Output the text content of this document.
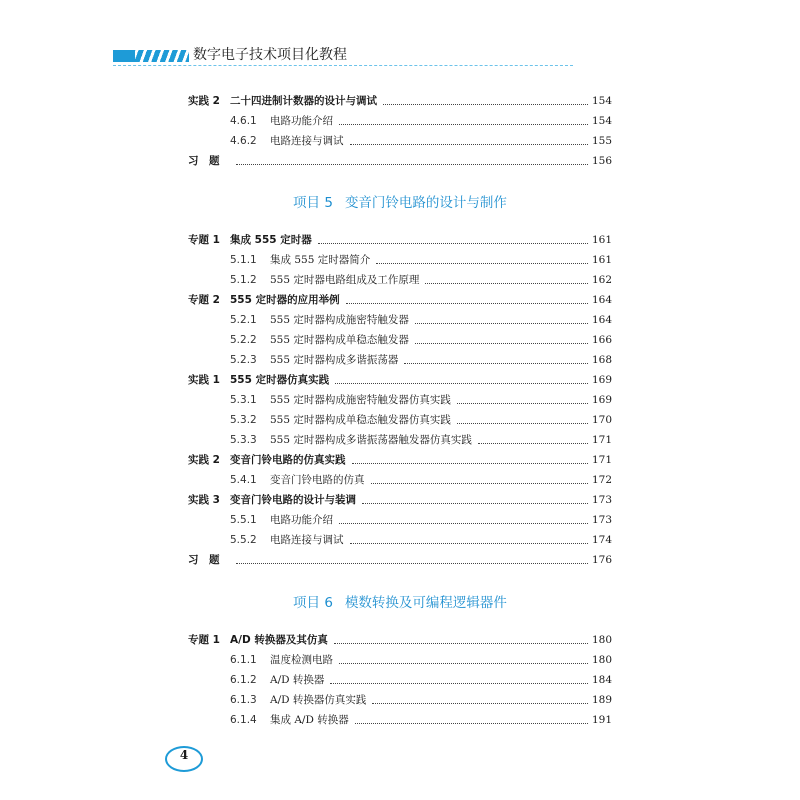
数字电子技术项目化教程
实践 2 二十四进制计数器的设计与调试	154
4.6.1	电路功能介绍	154
4.6.2	电路连接与调试	155
习　题	156
项目 5 变音门铃电路的设计与制作
专题 1 集成 555 定时器	161
5.1.1	集成 555 定时器简介	161
5.1.2	555 定时器电路组成及工作原理	162
专题 2 555 定时器的应用举例	164
5.2.1	555 定时器构成施密特触发器	164
5.2.2	555 定时器构成单稳态触发器	166
5.2.3	555 定时器构成多谐振荡器	168
实践 1 555 定时器仿真实践	169
5.3.1	555 定时器构成施密特触发器仿真实践	169
5.3.2	555 定时器构成单稳态触发器仿真实践	170
5.3.3	555 定时器构成多谐振荡器触发器仿真实践	171
实践 2 变音门铃电路的仿真实践	171
5.4.1	变音门铃电路的仿真	172
实践 3 变音门铃电路的设计与装调	173
5.5.1	电路功能介绍	173
5.5.2	电路连接与调试	174
习　题	176
项目 6 模数转换及可编程逻辑器件
专题 1 A/D 转换器及其仿真	180
6.1.1	温度检测电路	180
6.1.2	A/D 转换器	184
6.1.3	A/D 转换器仿真实践	189
6.1.4	集成 A/D 转换器	191
4
